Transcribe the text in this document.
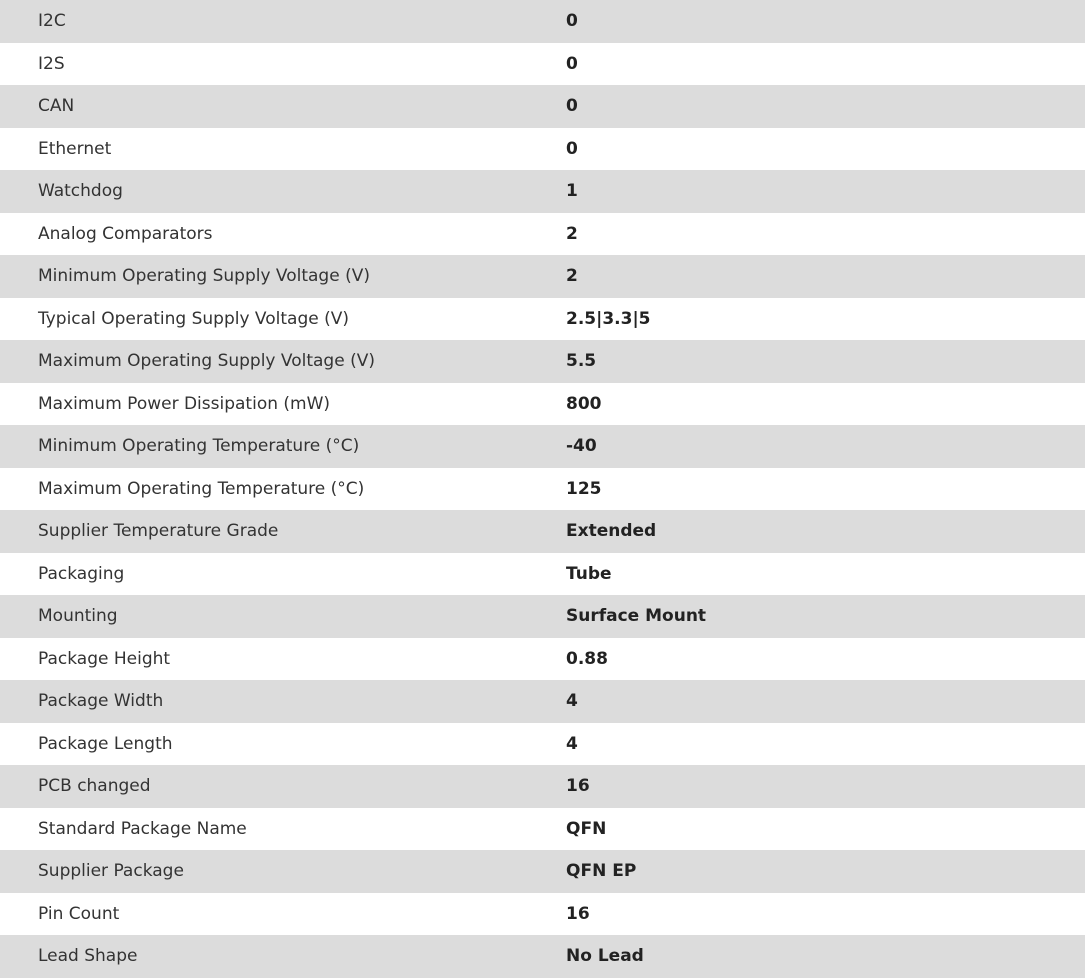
I2C	0
I2S	0
CAN	0
Ethernet	0
Watchdog	1
Analog Comparators	2
Minimum Operating Supply Voltage (V)	2
Typical Operating Supply Voltage (V)	2.5|3.3|5
Maximum Operating Supply Voltage (V)	5.5
Maximum Power Dissipation (mW)	800
Minimum Operating Temperature (°C)	-40
Maximum Operating Temperature (°C)	125
Supplier Temperature Grade	Extended
Packaging	Tube
Mounting	Surface Mount
Package Height	0.88
Package Width	4
Package Length	4
PCB changed	16
Standard Package Name	QFN
Supplier Package	QFN EP
Pin Count	16
Lead Shape	No Lead
